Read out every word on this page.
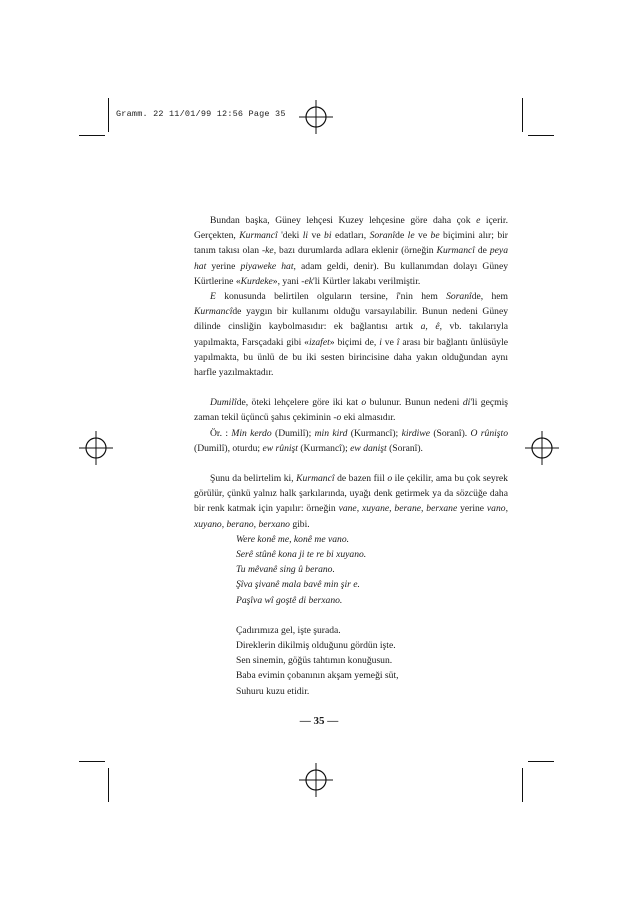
Gramm. 22 11/01/99 12:56 Page 35

Bundan başka, Güney lehçesi Kuzey lehçesine göre daha çok e içerir. Gerçekten, Kurmancî 'deki li ve bi edatları, Soranîde le ve be biçimini alır; bir tanım takısı olan -ke, bazı durumlarda adlara eklenir (örneğin Kurmancî de peya hat yerine piyaweke hat, adam geldi, denir). Bu kullanımdan dolayı Güney Kürtlerine «Kurdeke», yani -ek'li Kürtler lakabı verilmiştir.

E konusunda belirtilen olguların tersine, î'nin hem Soranîde, hem Kurmancîde yaygın bir kullanımı olduğu varsayılabilir. Bunun nedeni Güney dilinde cinsliğin kaybolmasıdır: ek bağlantısı artık a, ê, vb. takılarıyla yapılmakta, Farsçadaki gibi «izafet» biçimi de, i ve î arası bir bağlantı ünlüsüyle yapılmakta, bu ünlü de bu iki sesten birincisine daha yakın olduğundan aynı harfle yazılmaktadır.

Dumilîde, öteki lehçelere göre iki kat o bulunur. Bunun nedeni di'li geçmiş zaman tekil üçüncü şahıs çekiminin -o eki almasıdır.

Ör. : Min kerdo (Dumilî); min kird (Kurmancî); kirdiwe (Soranî). O rûnişto (Dumilî), oturdu; ew rûnişt (Kurmancî); ew danişt (Soranî).

Şunu da belirtelim ki, Kurmancî de bazen fiil o ile çekilir, ama bu çok seyrek görülür, çünkü yalnız halk şarkılarında, uyağı denk getirmek ya da sözcüğe daha bir renk katmak için yapılır: örneğin vane, xuyane, berane, berxane yerine vano, xuyano, berano, berxano gibi.

Were konê me, konê me vano.
Serê stûnê kona ji te re bi xuyano.
Tu mêvanê sing û berano.
Şîva şivanê mala bavê min şir e.
Paşîva wî goştê di berxano.
Çadırımıza gel, işte şurada.
Direklerin dikilmiş olduğunu gördün işte.
Sen sinemin, göğüs tahtımın konuğusun.
Baba evimin çobanının akşam yemeği süt,
Suhuru kuzu etidir.
— 35 —
